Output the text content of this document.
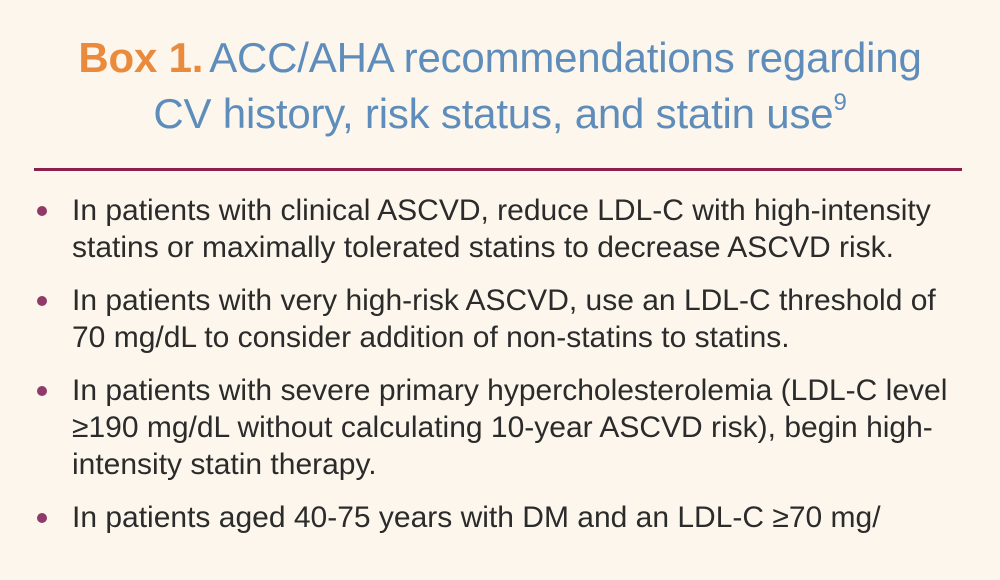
Box 1. ACC/AHA recommendations regarding
CV history, risk status, and statin use$^9$
In patients with clinical ASCVD, reduce LDL-C with high-intensity statins or maximally tolerated statins to decrease ASCVD risk.
In patients with very high-risk ASCVD, use an LDL-C threshold of 70 mg/dL to consider addition of non-statins to statins.
In patients with severe primary hypercholesterolemia (LDL-C level ≥190 mg/dL without calculating 10-year ASCVD risk), begin high-intensity statin therapy.
In patients aged 40-75 years with DM and an LDL-C ≥70 mg/
